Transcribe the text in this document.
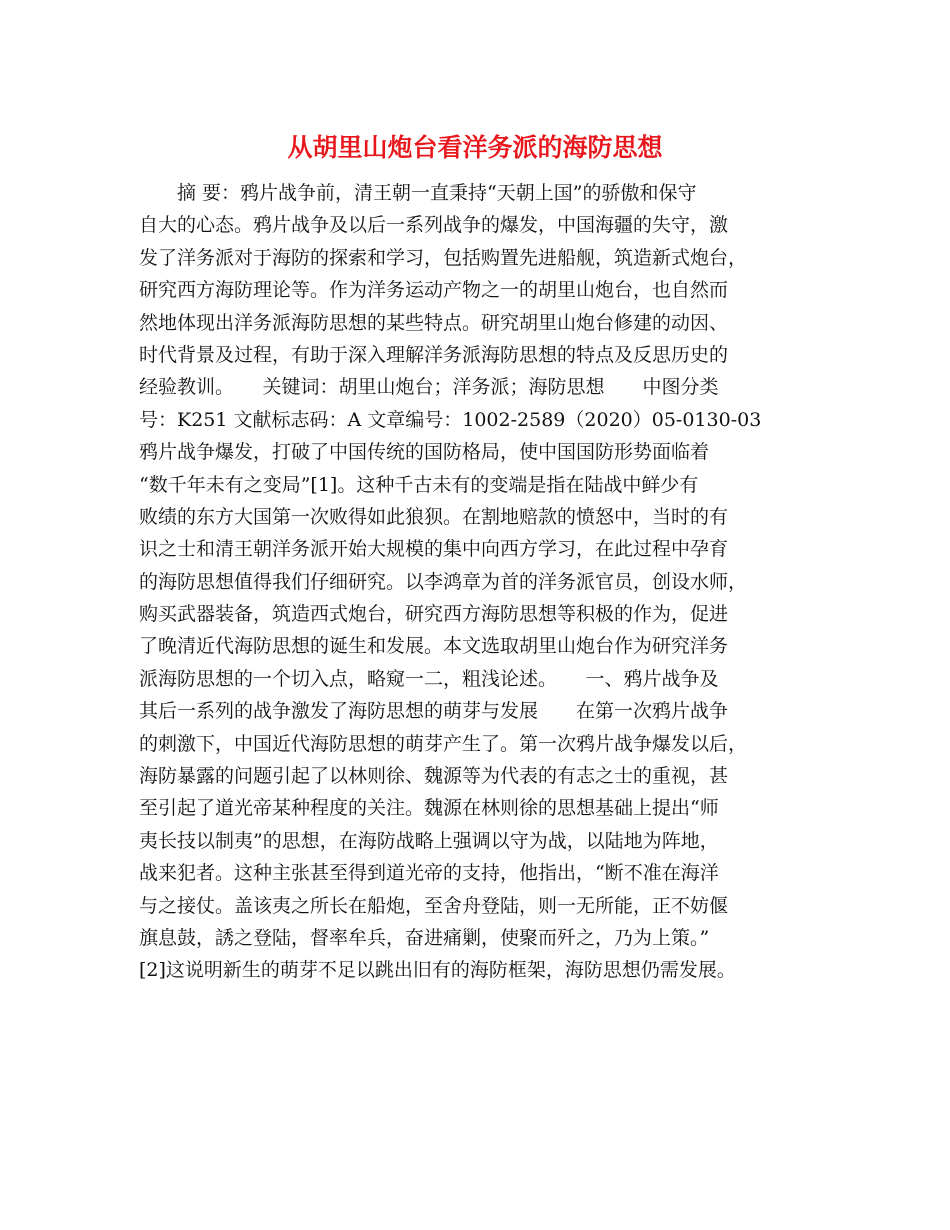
从胡里山炮台看洋务派的海防思想
　　摘 要：鸦片战争前，清王朝一直秉持“天朝上国”的骄傲和保守
自大的心态。鸦片战争及以后一系列战争的爆发，中国海疆的失守，激
发了洋务派对于海防的探索和学习，包括购置先进船舰，筑造新式炮台，
研究西方海防理论等。作为洋务运动产物之一的胡里山炮台，也自然而
然地体现出洋务派海防思想的某些特点。研究胡里山炮台修建的动因、
时代背景及过程，有助于深入理解洋务派海防思想的特点及反思历史的
经验教训。　　关键词：胡里山炮台；洋务派；海防思想　　中图分类
号：K251 文献标志码：A 文章编号：1002-2589（2020）05-0130-03
鸦片战争爆发，打破了中国传统的国防格局，使中国国防形势面临着
“数千年未有之变局”[1]。这种千古未有的变端是指在陆战中鲜少有
败绩的东方大国第一次败得如此狼狈。在割地赔款的愤怒中，当时的有
识之士和清王朝洋务派开始大规模的集中向西方学习，在此过程中孕育
的海防思想值得我们仔细研究。以李鸿章为首的洋务派官员，创设水师，
购买武器装备，筑造西式炮台，研究西方海防思想等积极的作为，促进
了晚清近代海防思想的诞生和发展。本文选取胡里山炮台作为研究洋务
派海防思想的一个切入点，略窥一二，粗浅论述。　　一、鸦片战争及
其后一系列的战争激发了海防思想的萌芽与发展　　在第一次鸦片战争
的刺激下，中国近代海防思想的萌芽产生了。第一次鸦片战争爆发以后，
海防暴露的问题引起了以林则徐、魏源等为代表的有志之士的重视，甚
至引起了道光帝某种程度的关注。魏源在林则徐的思想基础上提出“师
夷长技以制夷”的思想，在海防战略上强调以守为战，以陆地为阵地，
战来犯者。这种主张甚至得到道光帝的支持，他指出，“断不准在海洋
与之接仗。盖该夷之所长在船炮，至舍舟登陆，则一无所能，正不妨偃
旗息鼓，誘之登陆，督率牟兵，奋进痛剿，使聚而歼之，乃为上策。”
[2]这说明新生的萌芽不足以跳出旧有的海防框架，海防思想仍需发展。
